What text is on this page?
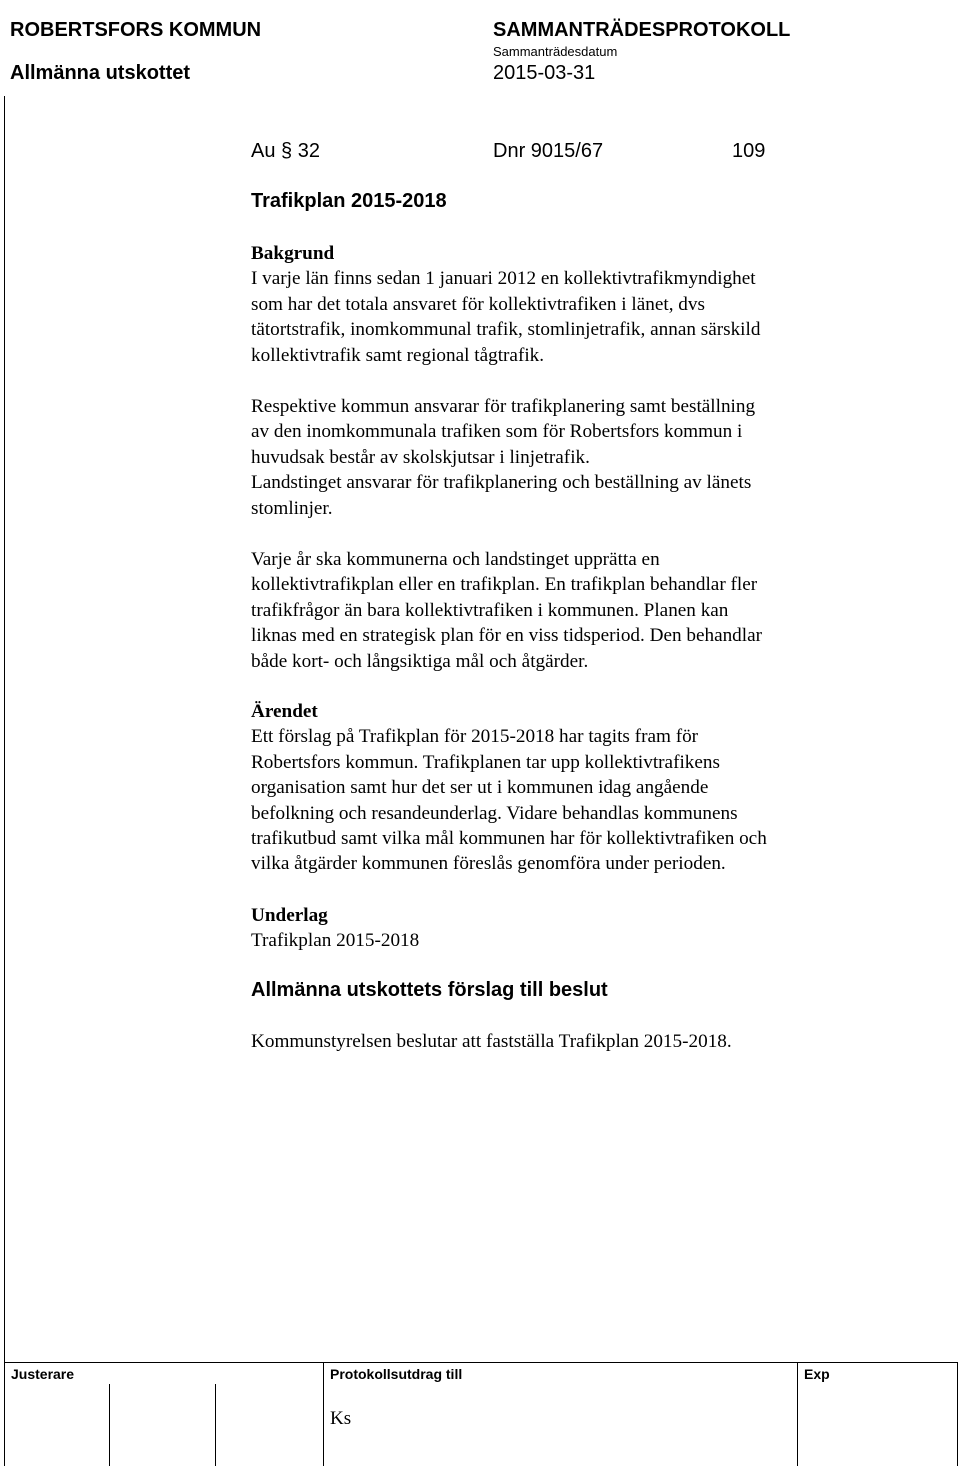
ROBERTSFORS KOMMUN
Allmänna utskottet
SAMMANTRÄDESPROTOKOLL
Sammanträdesdatum
2015-03-31
Au § 32	Dnr 9015/67	109
Trafikplan 2015-2018
Bakgrund
I varje län finns sedan 1 januari 2012 en kollektivtrafikmyndighet
som har det totala ansvaret för kollektivtrafiken i länet, dvs
tätortstrafik, inomkommunal trafik, stomlinjetrafik, annan särskild
kollektivtrafik samt regional tågtrafik.
Respektive kommun ansvarar för trafikplanering samt beställning
av den inomkommunala trafiken som för Robertsfors kommun i
huvudsak består av skolskjutsar i linjetrafik.
Landstinget ansvarar för trafikplanering och beställning av länets
stomlinjer.
Varje år ska kommunerna och landstinget upprätta en
kollektivtrafikplan eller en trafikplan. En trafikplan behandlar fler
trafikfrågor än bara kollektivtrafiken i kommunen. Planen kan
liknas med en strategisk plan för en viss tidsperiod. Den behandlar
både kort- och långsiktiga mål och åtgärder.
Ärendet
Ett förslag på Trafikplan för 2015-2018 har tagits fram för
Robertsfors kommun. Trafikplanen tar upp kollektivtrafikens
organisation samt hur det ser ut i kommunen idag angående
befolkning och resandeunderlag. Vidare behandlas kommunens
trafikutbud samt vilka mål kommunen har för kollektivtrafiken och
vilka åtgärder kommunen föreslås genomföra under perioden.
Underlag
Trafikplan 2015-2018
Allmänna utskottets förslag till beslut
Kommunstyrelsen beslutar att fastställa Trafikplan 2015-2018.
Justerare	Protokollsutdrag till	Exp
Ks
